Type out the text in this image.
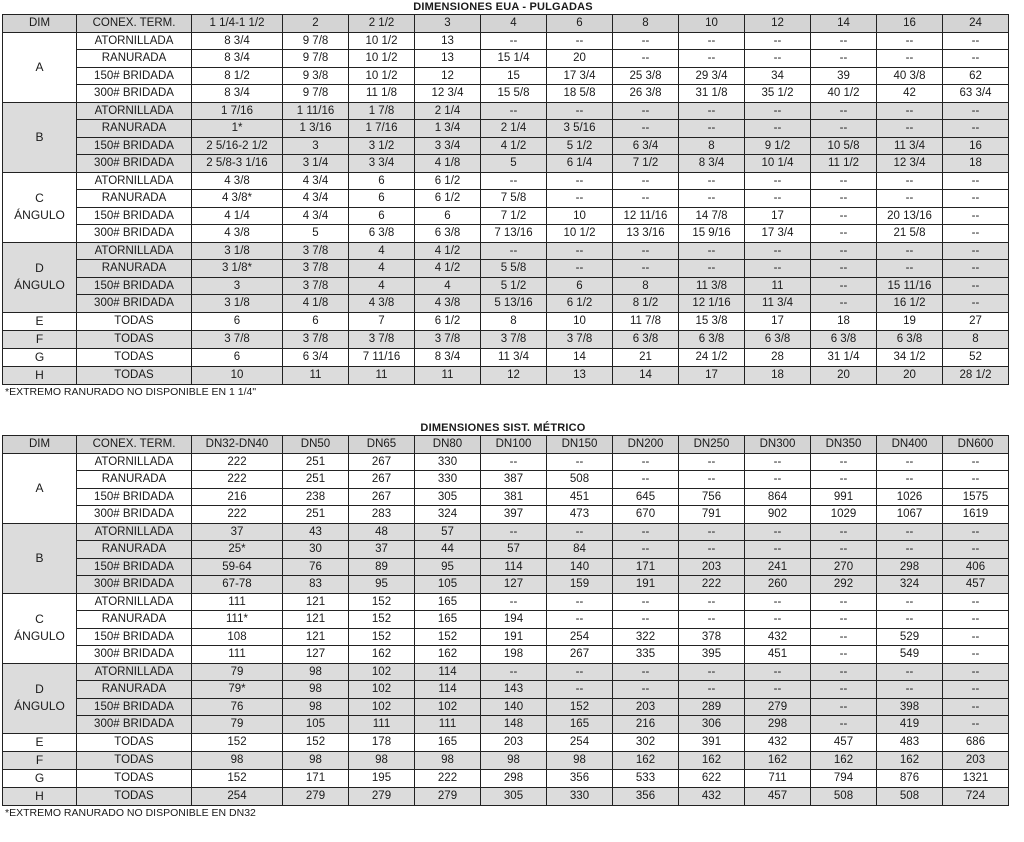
DIMENSIONES EUA - PULGADAS
DIM	CONEX. TERM.	1 1/4-1 1/2	2	2 1/2	3	4	6	8	10	12	14	16	24

A	ATORNILLADA	8 3/4	9 7/8	10 1/2	13	--	--	--	--	--	--	--	--
	RANURADA	8 3/4	9 7/8	10 1/2	13	15 1/4	20	--	--	--	--	--	--
	150# BRIDADA	8 1/2	9 3/8	10 1/2	12	15	17 3/4	25 3/8	29 3/4	34	39	40 3/8	62
	300# BRIDADA	8 3/4	9 7/8	11 1/8	12 3/4	15 5/8	18 5/8	26 3/8	31 1/8	35 1/2	40 1/2	42	63 3/4

B	ATORNILLADA	1 7/16	1 11/16	1 7/8	2 1/4	--	--	--	--	--	--	--	--
	RANURADA	1*	1 3/16	1 7/16	1 3/4	2 1/4	3 5/16	--	--	--	--	--	--
	150# BRIDADA	2 5/16-2 1/2	3	3 1/2	3 3/4	4 1/2	5 1/2	6 3/4	8	9 1/2	10 5/8	11 3/4	16
	300# BRIDADA	2 5/8-3 1/16	3 1/4	3 3/4	4 1/8	5	6 1/4	7 1/2	8 3/4	10 1/4	11 1/2	12 3/4	18

C
ÁNGULO	ATORNILLADA	4 3/8	4 3/4	6	6 1/2	--	--	--	--	--	--	--	--
	RANURADA	4 3/8*	4 3/4	6	6 1/2	7 5/8	--	--	--	--	--	--	--
	150# BRIDADA	4 1/4	4 3/4	6	6	7 1/2	10	12 11/16	14 7/8	17	--	20 13/16	--
	300# BRIDADA	4 3/8	5	6 3/8	6 3/8	7 13/16	10 1/2	13 3/16	15 9/16	17 3/4	--	21 5/8	--

D
ÁNGULO	ATORNILLADA	3 1/8	3 7/8	4	4 1/2	--	--	--	--	--	--	--	--
	RANURADA	3 1/8*	3 7/8	4	4 1/2	5 5/8	--	--	--	--	--	--	--
	150# BRIDADA	3	3 7/8	4	4	5 1/2	6	8	11 3/8	11	--	15 11/16	--
	300# BRIDADA	3 1/8	4 1/8	4 3/8	4 3/8	5 13/16	6 1/2	8 1/2	12 1/16	11 3/4	--	16 1/2	--

E	TODAS	6	6	7	6 1/2	8	10	11 7/8	15 3/8	17	18	19	27

F	TODAS	3 7/8	3 7/8	3 7/8	3 7/8	3 7/8	3 7/8	6 3/8	6 3/8	6 3/8	6 3/8	6 3/8	8

G	TODAS	6	6 3/4	7 11/16	8 3/4	11 3/4	14	21	24 1/2	28	31 1/4	34 1/2	52

H	TODAS	10	11	11	11	12	13	14	17	18	20	20	28 1/2
*EXTREMO RANURADO NO DISPONIBLE EN 1 1/4"
DIMENSIONES SIST. MÉTRICO
DIM	CONEX. TERM.	DN32-DN40	DN50	DN65	DN80	DN100	DN150	DN200	DN250	DN300	DN350	DN400	DN600

A	ATORNILLADA	222	251	267	330	--	--	--	--	--	--	--	--
	RANURADA	222	251	267	330	387	508	--	--	--	--	--	--
	150# BRIDADA	216	238	267	305	381	451	645	756	864	991	1026	1575
	300# BRIDADA	222	251	283	324	397	473	670	791	902	1029	1067	1619

B	ATORNILLADA	37	43	48	57	--	--	--	--	--	--	--	--
	RANURADA	25*	30	37	44	57	84	--	--	--	--	--	--
	150# BRIDADA	59-64	76	89	95	114	140	171	203	241	270	298	406
	300# BRIDADA	67-78	83	95	105	127	159	191	222	260	292	324	457

C
ÁNGULO	ATORNILLADA	111	121	152	165	--	--	--	--	--	--	--	--
	RANURADA	111*	121	152	165	194	--	--	--	--	--	--	--
	150# BRIDADA	108	121	152	152	191	254	322	378	432	--	529	--
	300# BRIDADA	111	127	162	162	198	267	335	395	451	--	549	--

D
ÁNGULO	ATORNILLADA	79	98	102	114	--	--	--	--	--	--	--	--
	RANURADA	79*	98	102	114	143	--	--	--	--	--	--	--
	150# BRIDADA	76	98	102	102	140	152	203	289	279	--	398	--
	300# BRIDADA	79	105	111	111	148	165	216	306	298	--	419	--

E	TODAS	152	152	178	165	203	254	302	391	432	457	483	686

F	TODAS	98	98	98	98	98	98	162	162	162	162	162	203

G	TODAS	152	171	195	222	298	356	533	622	711	794	876	1321

H	TODAS	254	279	279	279	305	330	356	432	457	508	508	724
*EXTREMO RANURADO NO DISPONIBLE EN DN32
